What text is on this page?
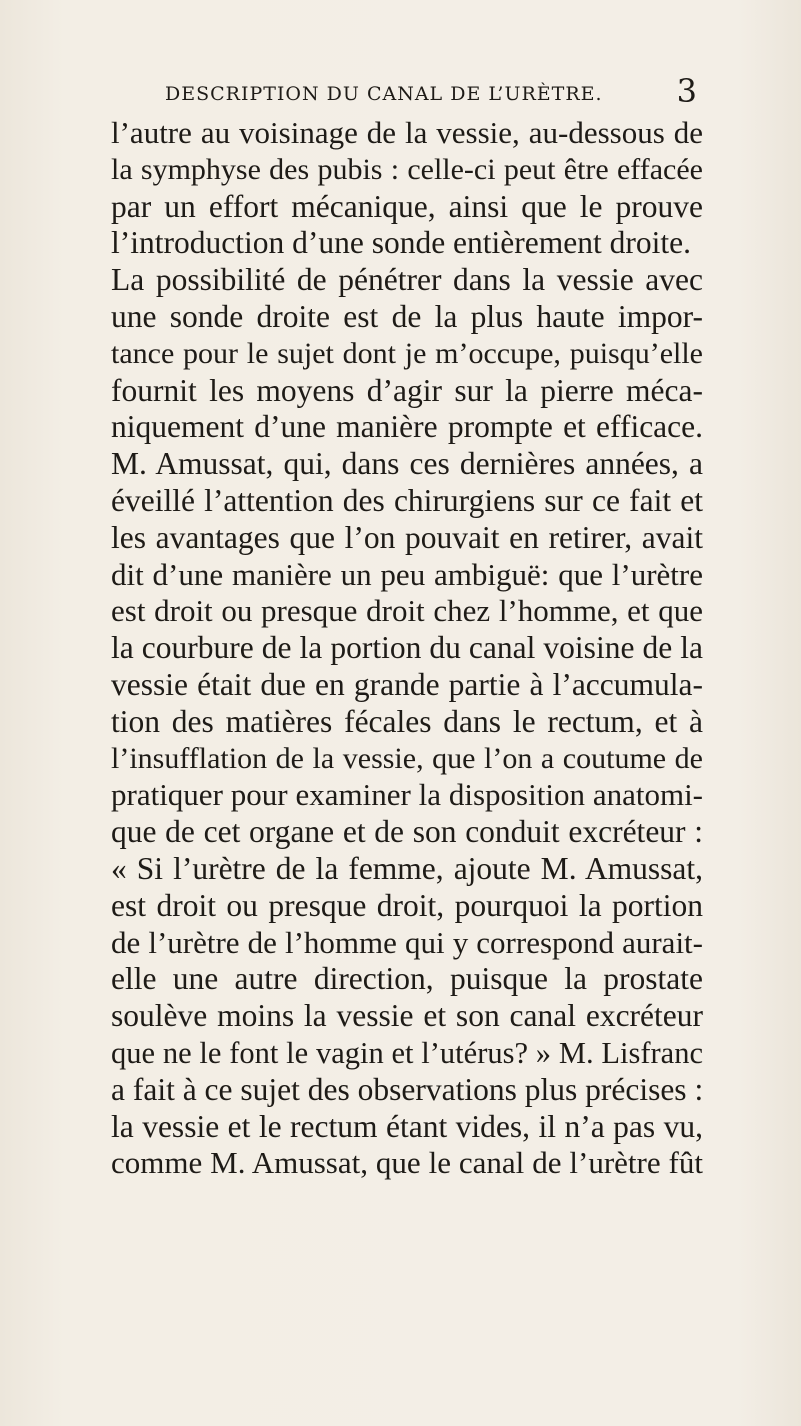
DESCRIPTION DU CANAL DE L’URÈTRE. 3
l’autre au voisinage de la vessie, au-dessous de
la symphyse des pubis : celle-ci peut être effacée
par un effort mécanique, ainsi que le prouve
l’introduction d’une sonde entièrement droite.
La possibilité de pénétrer dans la vessie avec
une sonde droite est de la plus haute impor-
tance pour le sujet dont je m’occupe, puisqu’elle
fournit les moyens d’agir sur la pierre méca-
niquement d’une manière prompte et efficace.
M. Amussat, qui, dans ces dernières années, a
éveillé l’attention des chirurgiens sur ce fait et
les avantages que l’on pouvait en retirer, avait
dit d’une manière un peu ambiguë: que l’urètre
est droit ou presque droit chez l’homme, et que
la courbure de la portion du canal voisine de la
vessie était due en grande partie à l’accumula-
tion des matières fécales dans le rectum, et à
l’insufflation de la vessie, que l’on a coutume de
pratiquer pour examiner la disposition anatomi-
que de cet organe et de son conduit excréteur :
« Si l’urètre de la femme, ajoute M. Amussat,
est droit ou presque droit, pourquoi la portion
de l’urètre de l’homme qui y correspond aurait-
elle une autre direction, puisque la prostate
soulève moins la vessie et son canal excréteur
que ne le font le vagin et l’utérus? » M. Lisfranc
a fait à ce sujet des observations plus précises :
la vessie et le rectum étant vides, il n’a pas vu,
comme M. Amussat, que le canal de l’urètre fût
